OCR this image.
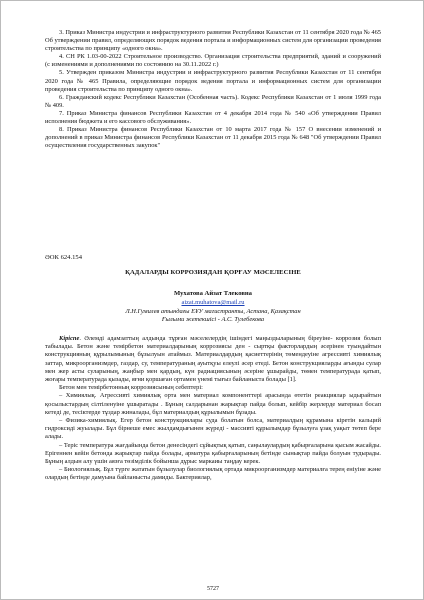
3. Приказ Министра индустрии и инфраструктурного развития Республики Казахстан от 11 сентября 2020 года № 465 Об утверждении правил, определяющих порядок ведения портала и информационных систем для организации проведения строительства по принципу «одного окна».

4. СН РК 1.03-00-2022 Строительное производство. Организация строительства предприятий, зданий и сооружений (с изменениями и дополнениями по состоянию на 30.11.2022 г.)

5. Утвержден приказом Министра индустрии и инфраструктурного развития Республики Казахстан от 11 сентября 2020 года № 465 Правила, определяющие порядок ведения портала и информационных систем для организации проведения строительства по принципу одного окна».

6. Гражданский кодекс Республики Казахстан (Особенная часть). Кодекс Республики Казахстан от 1 июля 1999 года № 409.

7. Приказ Министра финансов Республики Казахстан от 4 декабря 2014 года № 540 «Об утверждении Правил исполнения бюджета и его кассового обслуживания».

8. Приказ Министра финансов Республики Казахстан от 10 марта 2017 года № 157 О внесении изменений и дополнений в приказ Министра финансов Республики Казахстан от 11 декабря 2015 года № 648 "Об утверждении Правил осуществления государственных закупок"

ӘОК 624.154
ҚАДАЛАРДЫ КОРРОЗИЯДАН ҚОРҒАУ МӘСЕЛЕСІНЕ
Мухатова Айзат Тлековна
aizat.muhatova@mail.ru
Л.Н.Гумилев атындағы ЕҰУ магистранты, Астана, Қазақстан
Ғылыми жетекшісі - А.С. Тулебекова

Кіріспе. Әлемді адамзаттың алдында тұрған мәселелердің ішіндегі маңыздыларының біреуіне- коррозия болып табылады. Бетон және темірбетон материалдарының коррозиясы ден - сыртқы факторлардың әсерінен туындайтын конструкцияның құрылымының бұзылуын атаймыз. Материалдардың қасиеттерінің төмендеуіне агрессивті химиялық заттар, микроорганизмдер, газдар, су, температураның ауытқуы елеулі әсер етеді. Бетон конструкцияларды ағынды сулар мен жер асты суларының, жаңбыр мен қардың, күн радиациясының әсеріне ұшырайды, төмен температурада қатып, жоғары температурада қызады, яғни қоршаған ортамен үнемі тығыз байланыста болады [1].

Бетон мен темірбетонның коррозиясының себептері:

– Химиялық. Агрессивті химиялық орта мен материал компоненттері арасында өтетін реакциялар ыдырайтын қосылыстардың сілтіленуіне ұшыратады . Бұның салдарынан жарықтар пайда болып, кейбір жерлерде материал босап кетеді де, тесіктерде тұздар жиналады, бұл материалдың құрылымын бұзады.

– Физика-химиялық. Егер бетон конструкциялары суда болатын болса, материалдың құрамына кіретін кальций гидроксиді жуылады. Бұл бірнеше емес жылдамдығынен жүреді - массивті құрылымдар бұзылуға ұзақ уақыт төтеп бере алады.

– Теріс температура жағдайында бетон денесіндегі сұйықтық қатып, саңылаулардың қабырғаларына қысым жасайды. Ерігеннен кейін бетонда жарықтар пайда болады, арматура қабырғаларының бетінде сынықтар пайда болуын тудырады. Бұның алдын алу үшін аязға төзімділік бойынша дұрыс маркаиы таңдау керек.

– Биологиялық. Бұл түрге жататын бұзылулар биологиялық ортада микроорганизмдер материалға терең еніуіне және олардың бетінде дамуына байланысты дамиды. Бактериялар,

5727
